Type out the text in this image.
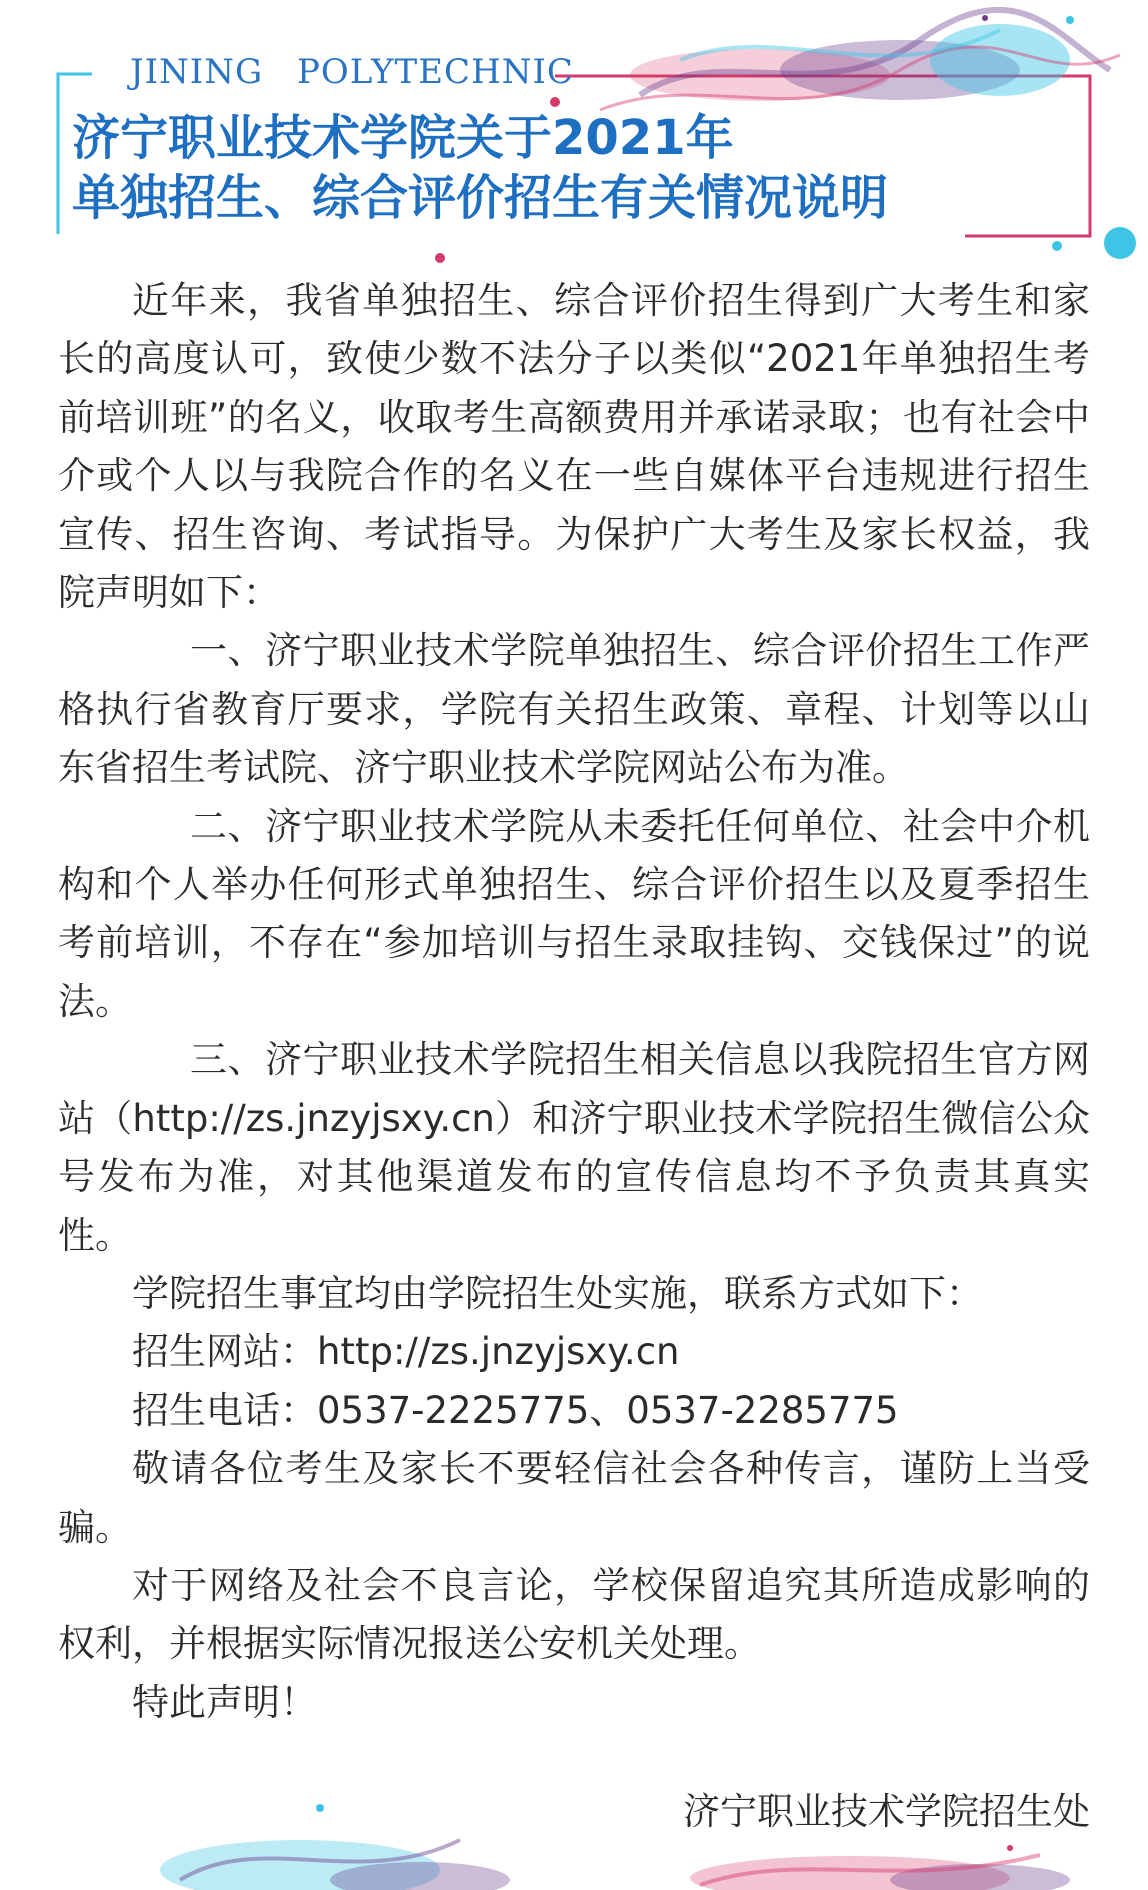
JINING POLYTECHNIC
济宁职业技术学院关于2021年
单独招生、综合评价招生有关情况说明

近年来，我省单独招生、综合评价招生得到广大考生和家长的高度认可，致使少数不法分子以类似“2021年单独招生考前培训班”的名义，收取考生高额费用并承诺录取；也有社会中介或个人以与我院合作的名义在一些自媒体平台违规进行招生宣传、招生咨询、考试指导。为保护广大考生及家长权益，我院声明如下：

一、济宁职业技术学院单独招生、综合评价招生工作严格执行省教育厅要求，学院有关招生政策、章程、计划等以山东省招生考试院、济宁职业技术学院网站公布为准。

二、济宁职业技术学院从未委托任何单位、社会中介机构和个人举办任何形式单独招生、综合评价招生以及夏季招生考前培训，不存在“参加培训与招生录取挂钩、交钱保过”的说法。

三、济宁职业技术学院招生相关信息以我院招生官方网站（http://zs.jnzyjsxy.cn）和济宁职业技术学院招生微信公众号发布为准，对其他渠道发布的宣传信息均不予负责其真实性。

学院招生事宜均由学院招生处实施，联系方式如下：

招生网站：http://zs.jnzyjsxy.cn

招生电话：0537-2225775、0537-2285775

敬请各位考生及家长不要轻信社会各种传言，谨防上当受骗。

对于网络及社会不良言论，学校保留追究其所造成影响的权利，并根据实际情况报送公安机关处理。

特此声明！

济宁职业技术学院招生处
